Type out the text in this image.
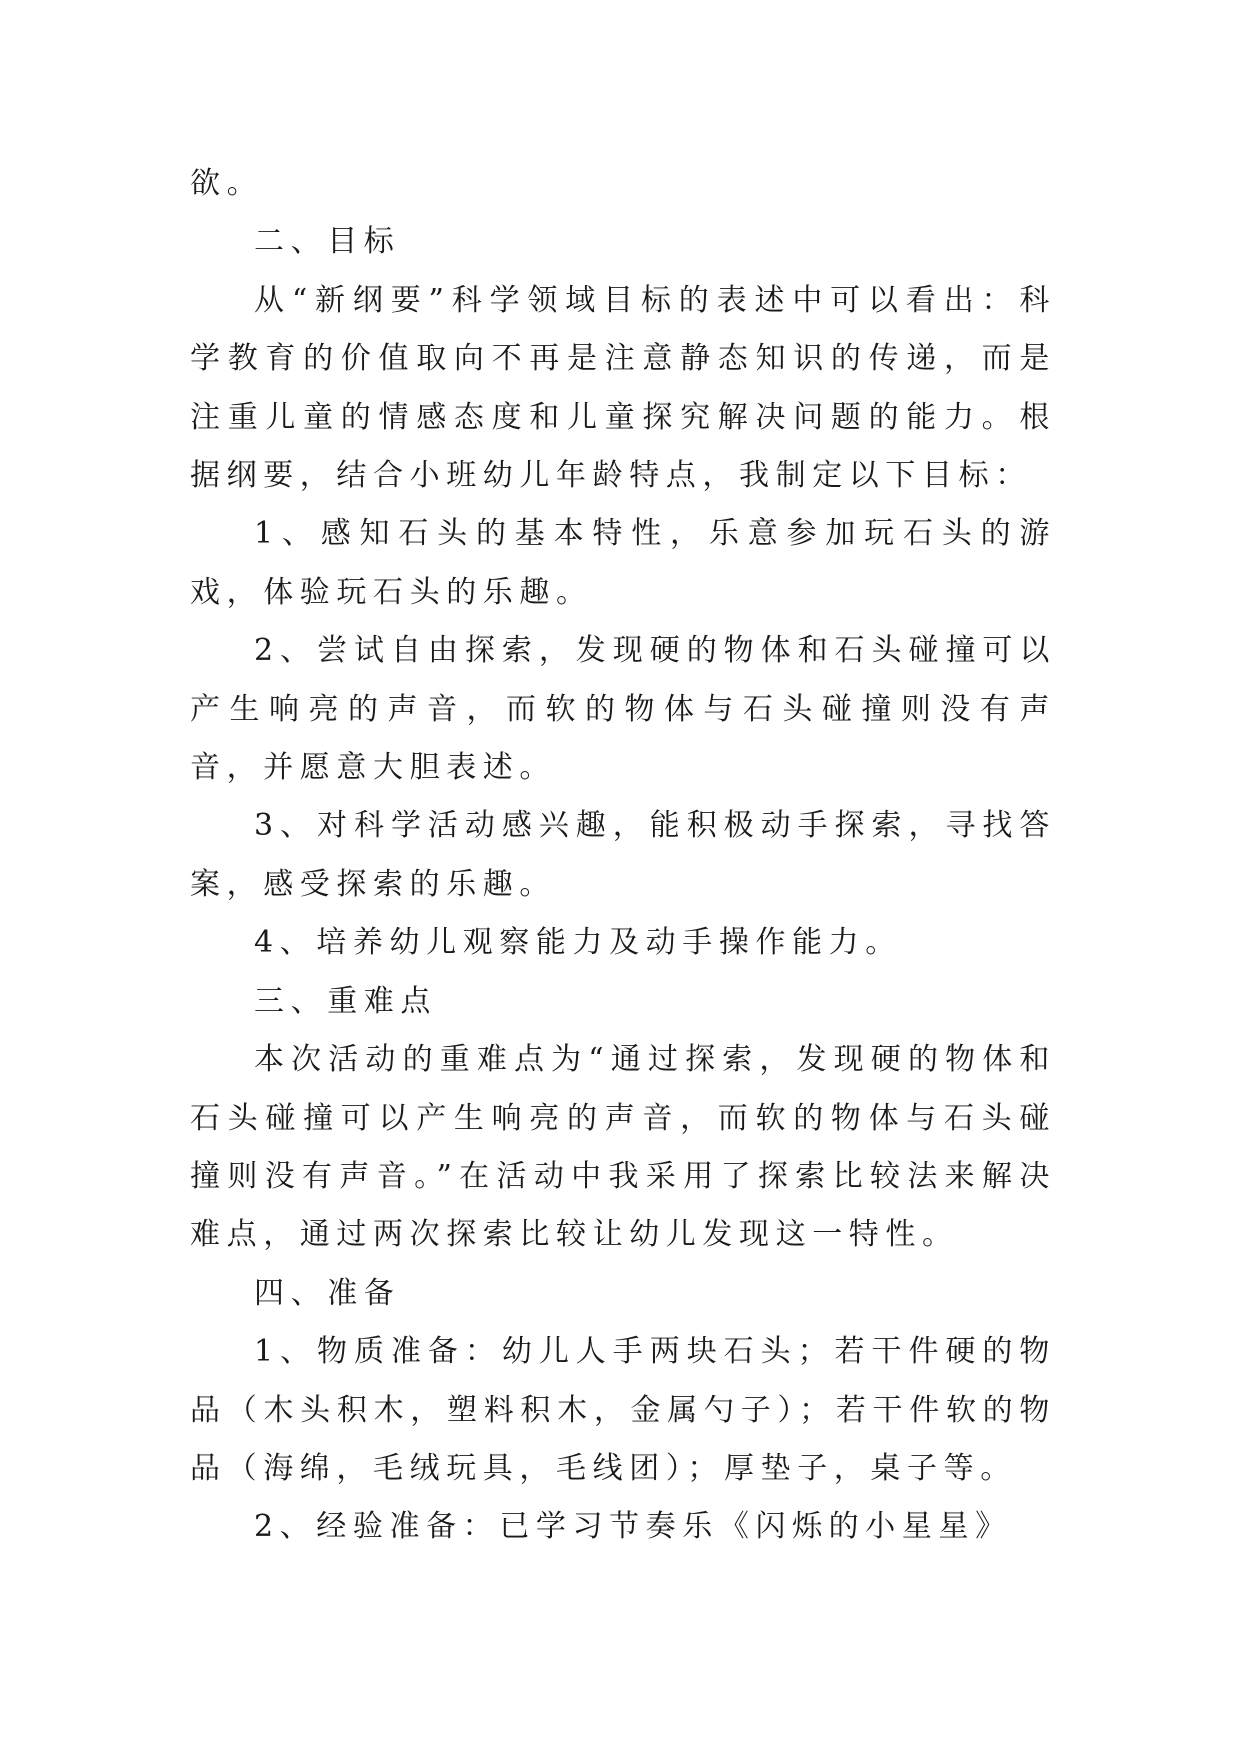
欲。

二、目标

从“新纲要”科学领域目标的表述中可以看出：科学教育的价值取向不再是注意静态知识的传递，而是注重儿童的情感态度和儿童探究解决问题的能力。根据纲要，结合小班幼儿年龄特点，我制定以下目标：

1、感知石头的基本特性，乐意参加玩石头的游戏，体验玩石头的乐趣。

2、尝试自由探索，发现硬的物体和石头碰撞可以产生响亮的声音，而软的物体与石头碰撞则没有声音，并愿意大胆表述。

3、对科学活动感兴趣，能积极动手探索，寻找答案，感受探索的乐趣。

4、培养幼儿观察能力及动手操作能力。

三、重难点

本次活动的重难点为“通过探索，发现硬的物体和石头碰撞可以产生响亮的声音，而软的物体与石头碰撞则没有声音。”在活动中我采用了探索比较法来解决难点，通过两次探索比较让幼儿发现这一特性。

四、准备

1、物质准备：幼儿人手两块石头；若干件硬的物品（木头积木，塑料积木，金属勺子）；若干件软的物品（海绵，毛绒玩具，毛线团）；厚垫子，桌子等。

2、经验准备：已学习节奏乐《闪烁的小星星》
